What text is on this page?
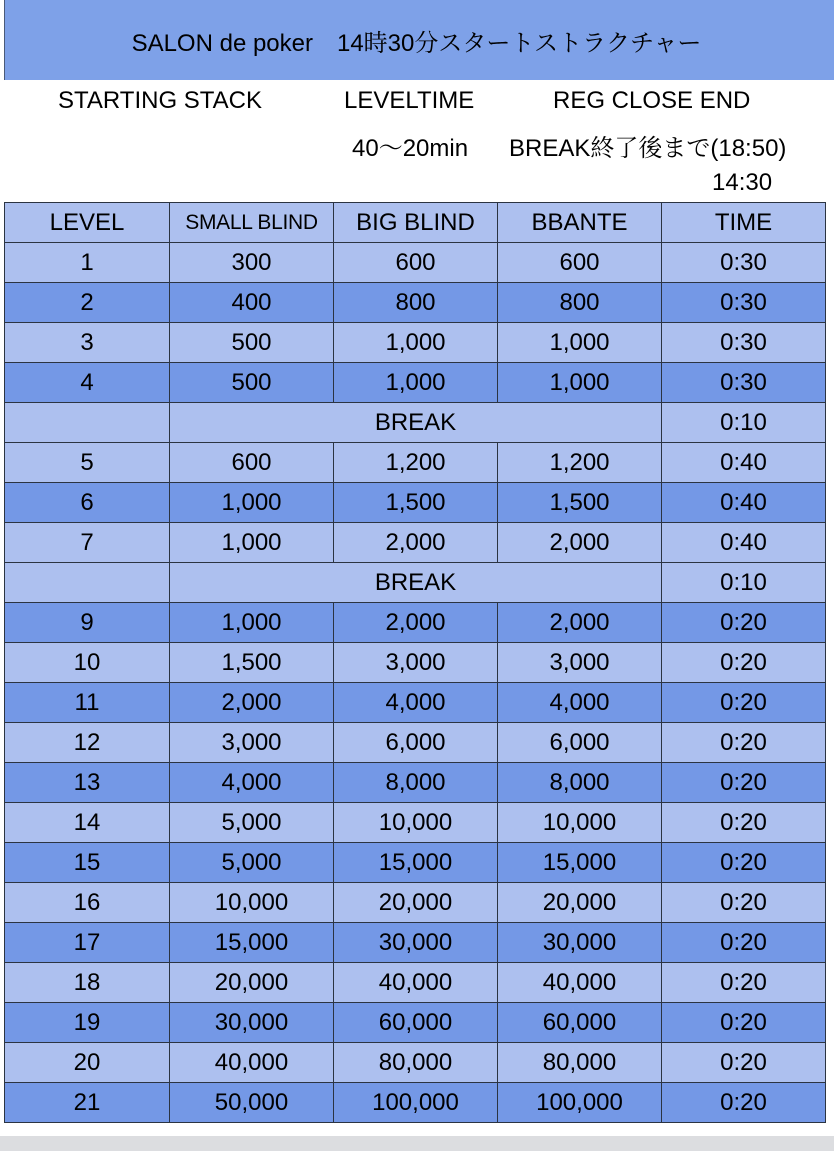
SALON de poker　14時30分スタートストラクチャー
STARTING STACK	LEVELTIME	REG CLOSE END
40〜20min BREAK終了後まで(18:50)
14:30
LEVEL	SMALL BLIND	BIG BLIND	BBANTE	TIME
1	300	600	600	0:30
2	400	800	800	0:30
3	500	1,000	1,000	0:30
4	500	1,000	1,000	0:30
	BREAK			0:10
5	600	1,200	1,200	0:40
6	1,000	1,500	1,500	0:40
7	1,000	2,000	2,000	0:40
	BREAK			0:10
9	1,000	2,000	2,000	0:20
10	1,500	3,000	3,000	0:20
11	2,000	4,000	4,000	0:20
12	3,000	6,000	6,000	0:20
13	4,000	8,000	8,000	0:20
14	5,000	10,000	10,000	0:20
15	5,000	15,000	15,000	0:20
16	10,000	20,000	20,000	0:20
17	15,000	30,000	30,000	0:20
18	20,000	40,000	40,000	0:20
19	30,000	60,000	60,000	0:20
20	40,000	80,000	80,000	0:20
21	50,000	100,000	100,000	0:20
